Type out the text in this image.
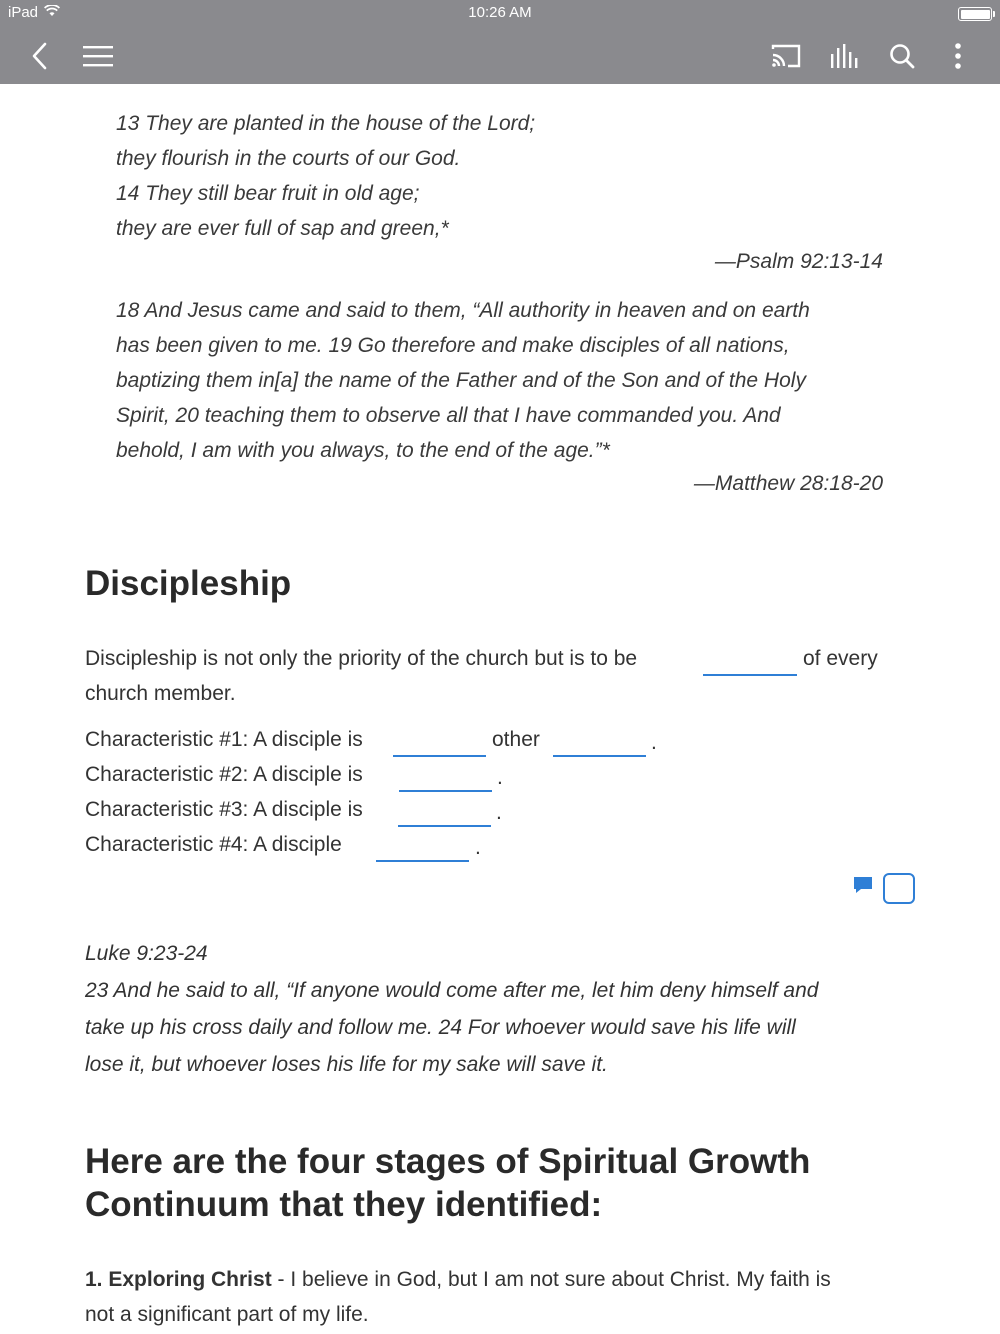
iPad	10:26 AM
13 They are planted in the house of the Lord;
they flourish in the courts of our God.
14 They still bear fruit in old age;
they are ever full of sap and green,*
—Psalm 92:13-14
18 And Jesus came and said to them, “All authority in heaven and on earth
has been given to me. 19 Go therefore and make disciples of all nations,
baptizing them in[a] the name of the Father and of the Son and of the Holy
Spirit, 20 teaching them to observe all that I have commanded you. And
behold, I am with you always, to the end of the age.”*
—Matthew 28:18-20
Discipleship
Discipleship is not only the priority of the church but is to be	of every
church member.
Characteristic #1: A disciple is	other	.
Characteristic #2: A disciple is	.
Characteristic #3: A disciple is	.
Characteristic #4: A disciple	.
Luke 9:23-24
23 And he said to all, “If anyone would come after me, let him deny himself and
take up his cross daily and follow me. 24 For whoever would save his life will
lose it, but whoever loses his life for my sake will save it.
Here are the four stages of Spiritual Growth
Continuum that they identified:
1. Exploring Christ - I believe in God, but I am not sure about Christ. My faith is
not a significant part of my life.
